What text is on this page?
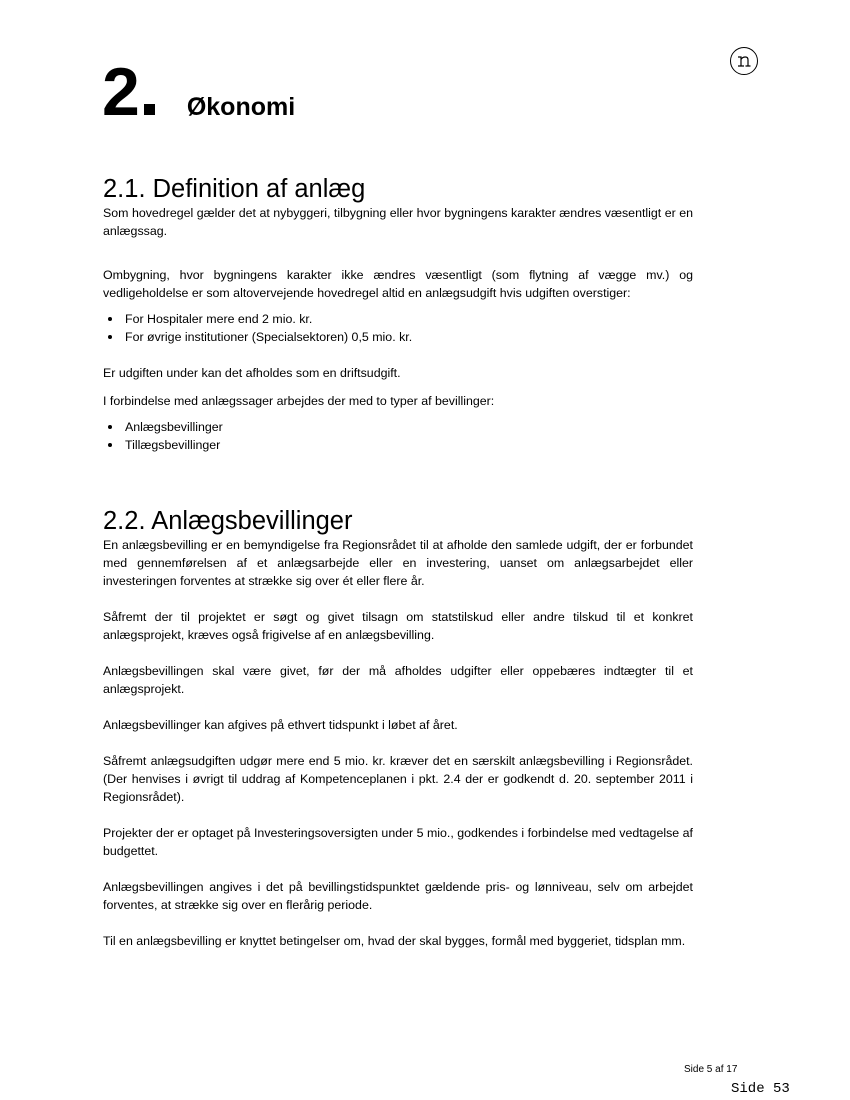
2 Økonomi
2.1. Definition af anlæg

Som hovedregel gælder det at nybyggeri, tilbygning eller hvor bygningens karakter ændres væsentligt er en anlægssag.

Ombygning, hvor bygningens karakter ikke ændres væsentligt (som flytning af vægge mv.) og vedligeholdelse er som altovervejende hovedregel altid en anlægsudgift hvis udgiften overstiger:

For Hospitaler mere end 2 mio. kr.
For øvrige institutioner (Specialsektoren) 0,5 mio. kr.

Er udgiften under kan det afholdes som en driftsudgift.

I forbindelse med anlægssager arbejdes der med to typer af bevillinger:

Anlægsbevillinger
Tillægsbevillinger
2.2. Anlægsbevillinger

En anlægsbevilling er en bemyndigelse fra Regionsrådet til at afholde den samlede udgift, der er forbundet med gennemførelsen af et anlægsarbejde eller en investering, uanset om anlægsarbejdet eller investeringen forventes at strække sig over ét eller flere år.

Såfremt der til projektet er søgt og givet tilsagn om statstilskud eller andre tilskud til et konkret anlægsprojekt, kræves også frigivelse af en anlægsbevilling.

Anlægsbevillingen skal være givet, før der må afholdes udgifter eller oppebæres indtægter til et anlægsprojekt.

Anlægsbevillinger kan afgives på ethvert tidspunkt i løbet af året.

Såfremt anlægsudgiften udgør mere end 5 mio. kr. kræver det en særskilt anlægsbevilling i Regionsrådet. (Der henvises i øvrigt til uddrag af Kompetenceplanen i pkt. 2.4 der er godkendt d. 20. september 2011 i Regionsrådet).

Projekter der er optaget på Investeringsoversigten under 5 mio., godkendes i forbindelse med vedtagelse af budgettet.

Anlægsbevillingen angives i det på bevillingstidspunktet gældende pris- og lønniveau, selv om arbejdet forventes, at strække sig over en flerårig periode.

Til en anlægsbevilling er knyttet betingelser om, hvad der skal bygges, formål med byggeriet, tidsplan mm.

Side 5 af 17
Side 53
